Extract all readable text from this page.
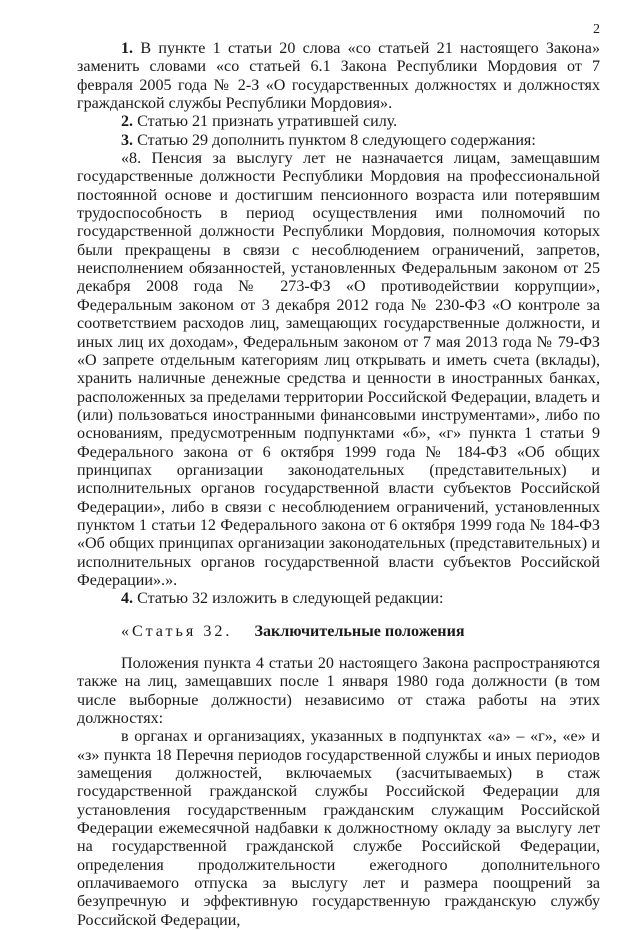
2

1. В пункте 1 статьи 20 слова «со статьей 21 настоящего Закона» заменить словами «со статьей 6.1 Закона Республики Мордовия от 7 февраля 2005 года № 2-З «О государственных должностях и должностях гражданской службы Республики Мордовия».

2. Статью 21 признать утратившей силу.

3. Статью 29 дополнить пунктом 8 следующего содержания:

«8. Пенсия за выслугу лет не назначается лицам, замещавшим государственные должности Республики Мордовия на профессиональной постоянной основе и достигшим пенсионного возраста или потерявшим трудоспособность в период осуществления ими полномочий по государственной должности Республики Мордовия, полномочия которых были прекращены в связи с несоблюдением ограничений, запретов, неисполнением обязанностей, установленных Федеральным законом от 25 декабря 2008 года № 273-ФЗ «О противодействии коррупции», Федеральным законом от 3 декабря 2012 года № 230-ФЗ «О контроле за соответствием расходов лиц, замещающих государственные должности, и иных лиц их доходам», Федеральным законом от 7 мая 2013 года № 79-ФЗ «О запрете отдельным категориям лиц открывать и иметь счета (вклады), хранить наличные денежные средства и ценности в иностранных банках, расположенных за пределами территории Российской Федерации, владеть и (или) пользоваться иностранными финансовыми инструментами», либо по основаниям, предусмотренным подпунктами «б», «г» пункта 1 статьи 9 Федерального закона от 6 октября 1999 года № 184-ФЗ «Об общих принципах организации законодательных (представительных) и исполнительных органов государственной власти субъектов Российской Федерации», либо в связи с несоблюдением ограничений, установленных пунктом 1 статьи 12 Федерального закона от 6 октября 1999 года № 184-ФЗ «Об общих принципах организации законодательных (представительных) и исполнительных органов государственной власти субъектов Российской Федерации».».

4. Статью 32 изложить в следующей редакции:

«Статья 32. Заключительные положения

Положения пункта 4 статьи 20 настоящего Закона распространяются также на лиц, замещавших после 1 января 1980 года должности (в том числе выборные должности) независимо от стажа работы на этих должностях:

в органах и организациях, указанных в подпунктах «а» – «г», «е» и «з» пункта 18 Перечня периодов государственной службы и иных периодов замещения должностей, включаемых (засчитываемых) в стаж государственной гражданской службы Российской Федерации для установления государственным гражданским служащим Российской Федерации ежемесячной надбавки к должностному окладу за выслугу лет на государственной гражданской службе Российской Федерации, определения продолжительности ежегодного дополнительного оплачиваемого отпуска за выслугу лет и размера поощрений за безупречную и эффективную государственную гражданскую службу Российской Федерации,
